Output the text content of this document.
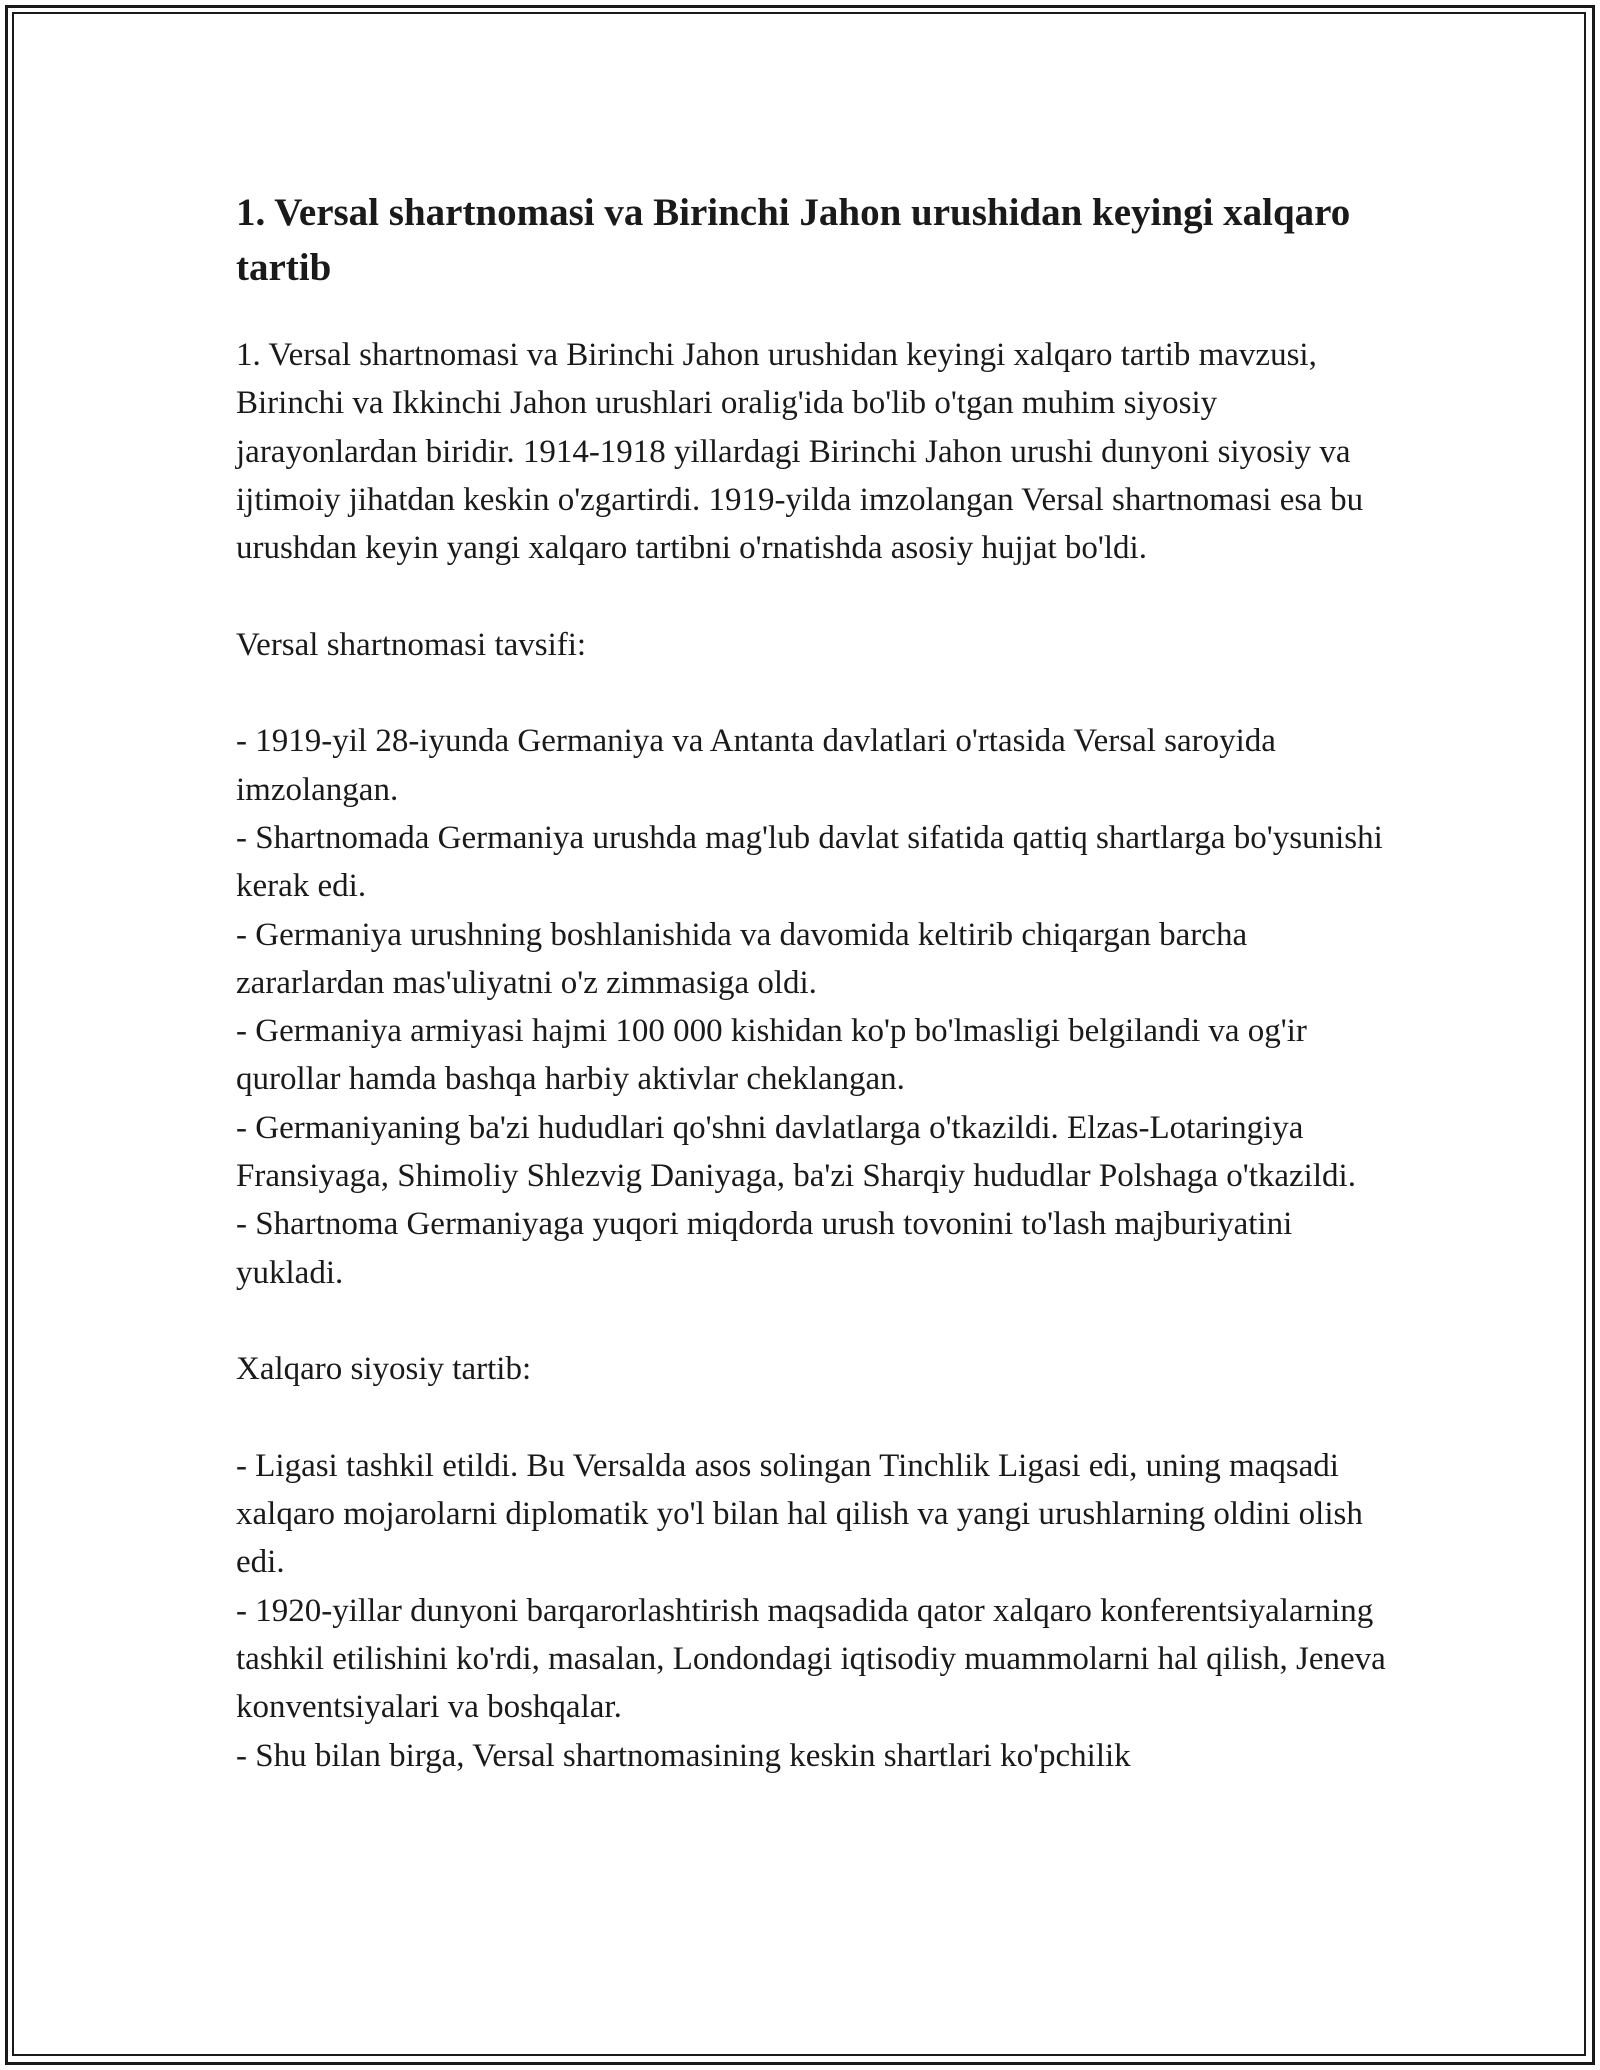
1. Versal shartnomasi va Birinchi Jahon urushidan keyingi xalqaro tartib

1. Versal shartnomasi va Birinchi Jahon urushidan keyingi xalqaro tartib mavzusi, Birinchi va Ikkinchi Jahon urushlari oralig'ida bo'lib o'tgan muhim siyosiy jarayonlardan biridir. 1914-1918 yillardagi Birinchi Jahon urushi dunyoni siyosiy va ijtimoiy jihatdan keskin o'zgartirdi. 1919-yilda imzolangan Versal shartnomasi esa bu urushdan keyin yangi xalqaro tartibni o'rnatishda asosiy hujjat bo'ldi.

Versal shartnomasi tavsifi:

- 1919-yil 28-iyunda Germaniya va Antanta davlatlari o'rtasida Versal saroyida imzolangan.
- Shartnomada Germaniya urushda mag'lub davlat sifatida qattiq shartlarga bo'ysunishi kerak edi.
- Germaniya urushning boshlanishida va davomida keltirib chiqargan barcha zararlardan mas'uliyatni o'z zimmasiga oldi.
- Germaniya armiyasi hajmi 100 000 kishidan ko'p bo'lmasligi belgilandi va og'ir qurollar hamda bashqa harbiy aktivlar cheklangan.
- Germaniyaning ba'zi hududlari qo'shni davlatlarga o'tkazildi. Elzas-Lotaringiya Fransiyaga, Shimoliy Shlezvig Daniyaga, ba'zi Sharqiy hududlar Polshaga o'tkazildi.
- Shartnoma Germaniyaga yuqori miqdorda urush tovonini to'lash majburiyatini yukladi.

Xalqaro siyosiy tartib:

- Ligasi tashkil etildi. Bu Versalda asos solingan Tinchlik Ligasi edi, uning maqsadi xalqaro mojarolarni diplomatik yo'l bilan hal qilish va yangi urushlarning oldini olish edi.
- 1920-yillar dunyoni barqarorlashtirish maqsadida qator xalqaro konferentsiyalarning tashkil etilishini ko'rdi, masalan, Londondagi iqtisodiy muammolarni hal qilish, Jeneva konventsiyalari va boshqalar.
- Shu bilan birga, Versal shartnomasining keskin shartlari ko'pchilik
